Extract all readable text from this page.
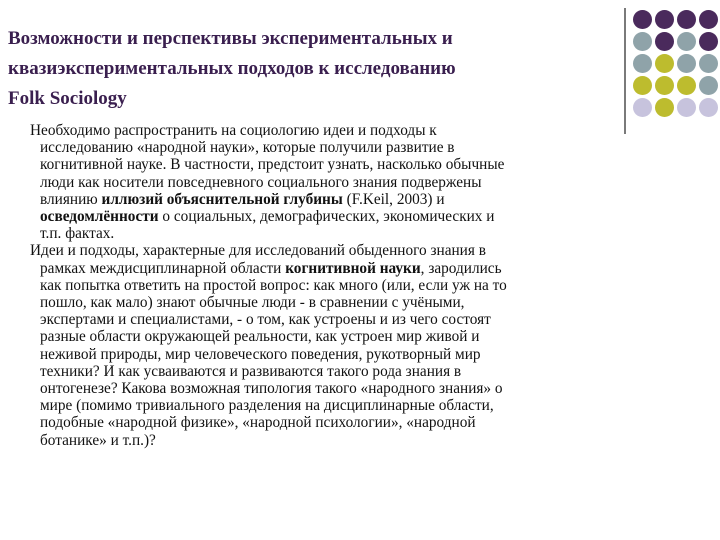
Возможности и перспективы экспериментальных и
квазиэкспериментальных подходов к исследованию
Folk Sociology
Необходимо распространить на социологию идеи и подходы к
исследованию «народной науки», которые получили развитие в
когнитивной науке. В частности, предстоит узнать, насколько обычные
люди как носители повседневного социального знания подвержены
влиянию иллюзий объяснительной глубины (F.Keil, 2003) и
осведомлённости о социальных, демографических, экономических и
т.п. фактах.
Идеи и подходы, характерные для исследований обыденного знания в
рамках междисциплинарной области когнитивной науки, зародились
как попытка ответить на простой вопрос: как много (или, если уж на то
пошло, как мало) знают обычные люди - в сравнении с учёными,
экспертами и специалистами, - о том, как устроены и из чего состоят
разные области окружающей реальности, как устроен мир живой и
неживой природы, мир человеческого поведения, рукотворный мир
техники? И как усваиваются и развиваются такого рода знания в
онтогенезе? Какова возможная типология такого «народного знания» о
мире (помимо тривиального разделения на дисциплинарные области,
подобные «народной физике», «народной психологии», «народной
ботанике» и т.п.)?
